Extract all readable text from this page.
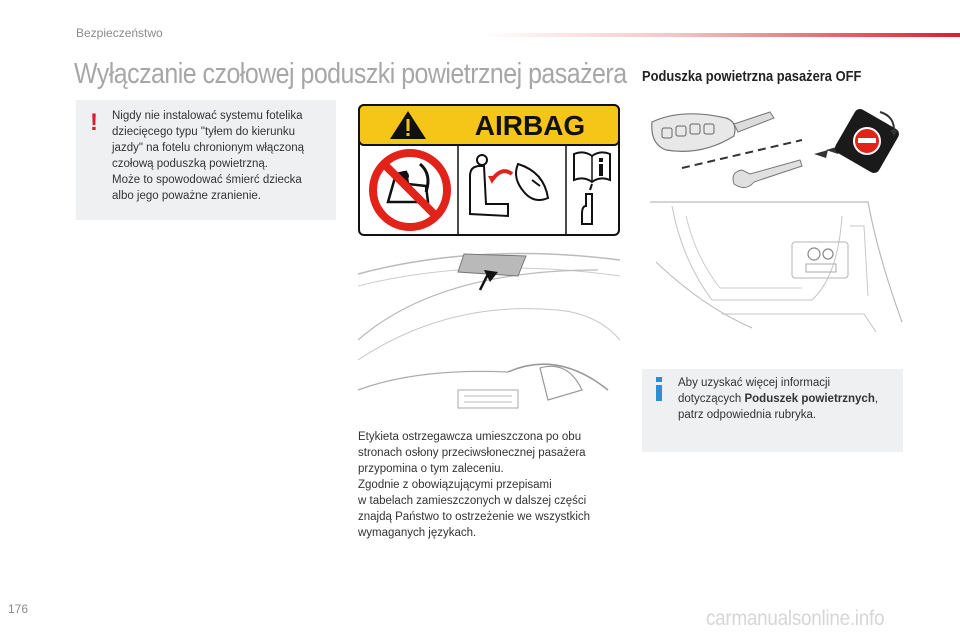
Bezpieczeństwo
Wyłączanie czołowej poduszki powietrznej pasażera Poduszka powietrzna pasażera OFF
! Nigdy nie instalować systemu fotelika
dziecięcego typu "tyłem do kierunku
jazdy" na fotelu chronionym włączoną
czołową poduszką powietrzną.
Może to spowodować śmierć dziecka
albo jego poważne zranienie.

AIRBAG

Etykieta ostrzegawcza umieszczona po obu
stronach osłony przeciwsłonecznej pasażera
przypomina o tym zaleceniu.
Zgodnie z obowiązującymi przepisami
w tabelach zamieszczonych w dalszej części
znajdą Państwo to ostrzeżenie we wszystkich
wymaganych językach.

Aby uzyskać więcej informacji
dotyczących Poduszek powietrznych,
patrz odpowiednia rubryka.

176	carmanualsonline.info
